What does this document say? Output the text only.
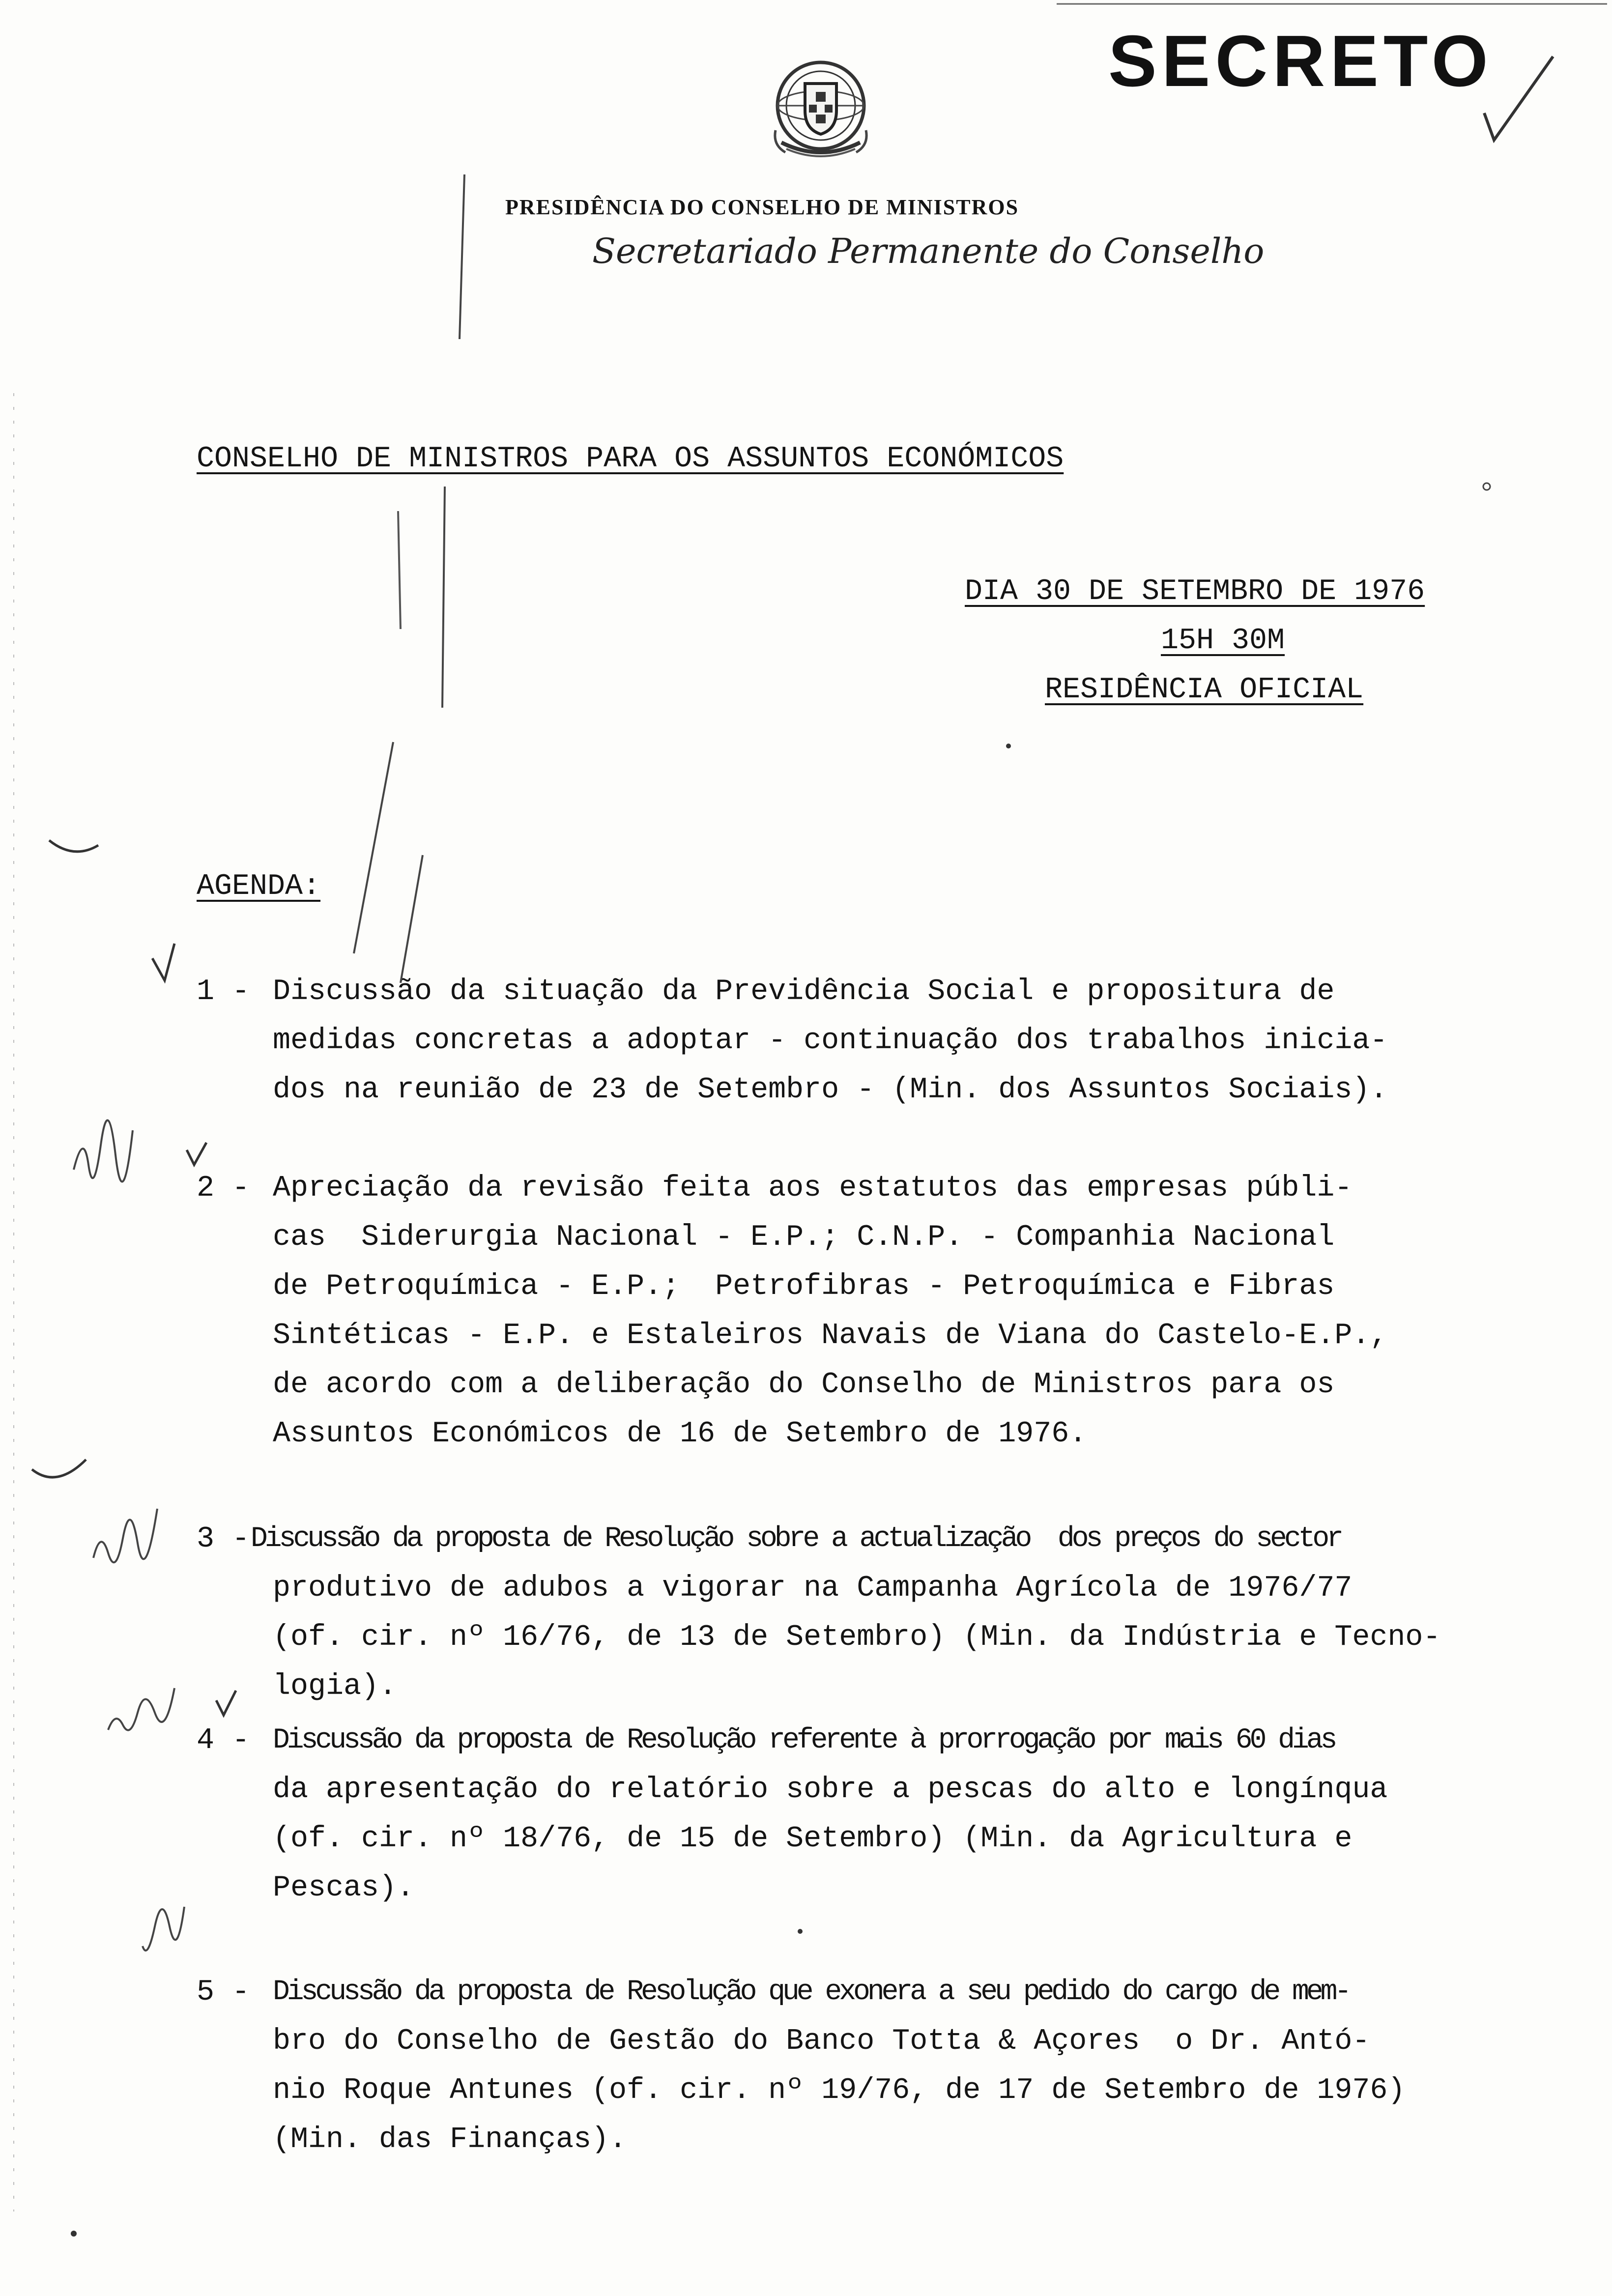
SECRETO
PRESIDÊNCIA DO CONSELHO DE MINISTROS
Secretariado Permanente do Conselho
CONSELHO DE MINISTROS PARA OS ASSUNTOS ECONÓMICOS
DIA 30 DE SETEMBRO DE 1976
15H 30M
RESIDÊNCIA OFICIAL
AGENDA:
1 - Discussão da situação da Previdência Social e propositura de
medidas concretas a adoptar - continuação dos trabalhos inicia-
dos na reunião de 23 de Setembro - (Min. dos Assuntos Sociais).
2 - Apreciação da revisão feita aos estatutos das empresas públi-
cas  Siderurgia Nacional - E.P.; C.N.P. - Companhia Nacional
de Petroquímica - E.P.;  Petrofibras - Petroquímica e Fibras
Sintéticas - E.P. e Estaleiros Navais de Viana do Castelo-E.P.,
de acordo com a deliberação do Conselho de Ministros para os
Assuntos Económicos de 16 de Setembro de 1976.
3 - Discussão da proposta de Resolução sobre a actualização  dos preços do sector
produtivo de adubos a vigorar na Campanha Agrícola de 1976/77
(of. cir. nº 16/76, de 13 de Setembro) (Min. da Indústria e Tecno-
logia).
4 - Discussão da proposta de Resolução referente à prorrogação por mais 60 dias
da apresentação do relatório sobre a pescas do alto e longínqua
(of. cir. nº 18/76, de 15 de Setembro) (Min. da Agricultura e
Pescas).
5 - Discussão da proposta de Resolução que exonera a seu pedido do cargo de mem-
bro do Conselho de Gestão do Banco Totta & Açores  o Dr. Antó-
nio Roque Antunes (of. cir. nº 19/76, de 17 de Setembro de 1976)
(Min. das Finanças).
